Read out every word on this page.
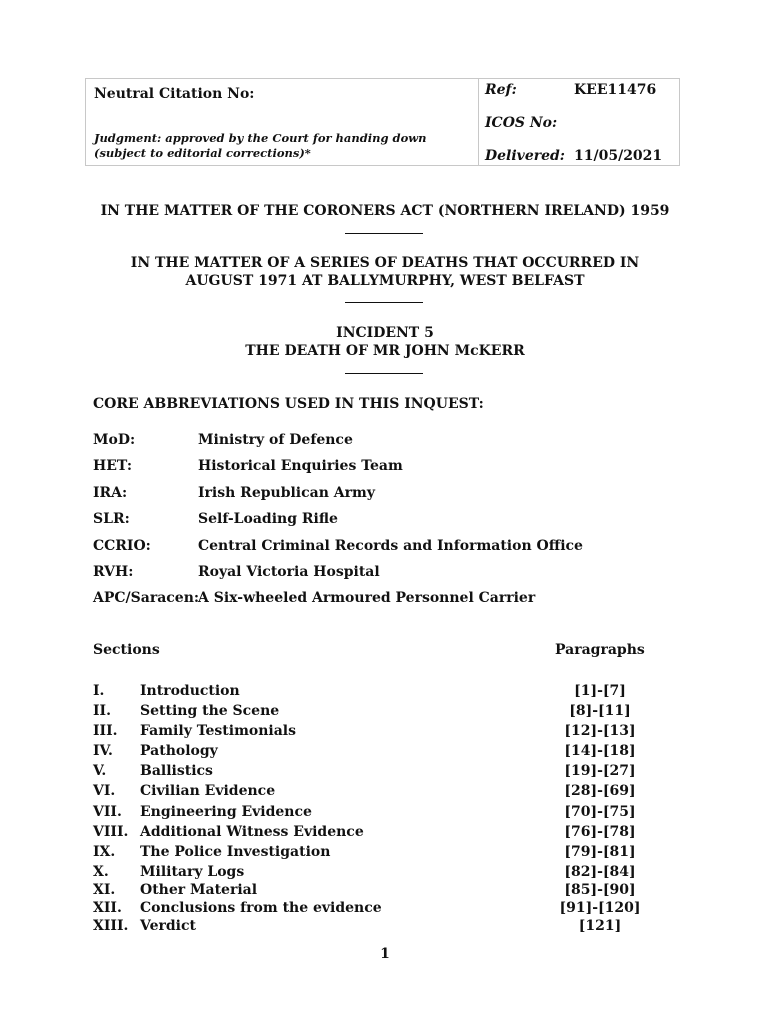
Neutral Citation No:
Judgment: approved by the Court for handing down
(subject to editorial corrections)*
Ref:	KEE11476
ICOS No:
Delivered: 11/05/2021
IN THE MATTER OF THE CORONERS ACT (NORTHERN IRELAND) 1959
IN THE MATTER OF A SERIES OF DEATHS THAT OCCURRED IN
AUGUST 1971 AT BALLYMURPHY, WEST BELFAST
INCIDENT 5
THE DEATH OF MR JOHN McKERR
CORE ABBREVIATIONS USED IN THIS INQUEST:
MoD:	Ministry of Defence
HET:	Historical Enquiries Team
IRA:	Irish Republican Army
SLR:	Self-Loading Rifle
CCRIO:	Central Criminal Records and Information Office
RVH:	Royal Victoria Hospital
APC/Saracen:
A Six-wheeled Armoured Personnel Carrier
Sections	Paragraphs
I.	Introduction	[1]-[7]
II. Setting the Scene	[8]-[11]
III. Family Testimonials	[12]-[13]
IV. Pathology	[14]-[18]
V. Ballistics	[19]-[27]
VI. Civilian Evidence	[28]-[69]
VII. Engineering Evidence	[70]-[75]
VIII. Additional Witness Evidence	[76]-[78]
IX. The Police Investigation	[79]-[81]
X. Military Logs	[82]-[84]
XI. Other Material	[85]-[90]
XII. Conclusions from the evidence	[91]-[120]
XIII. Verdict	[121]
1
